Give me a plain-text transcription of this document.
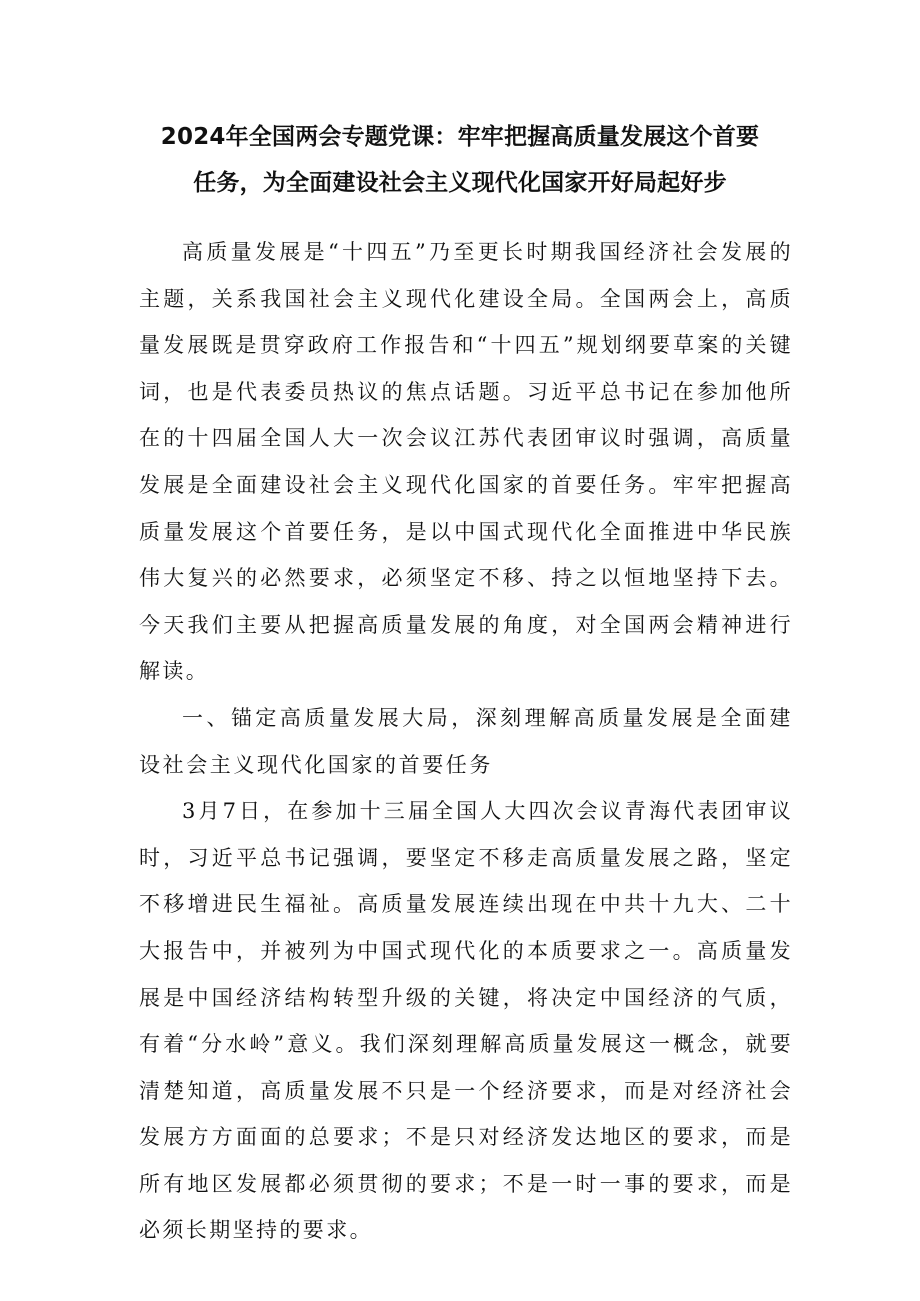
2024年全国两会专题党课：牢牢把握高质量发展这个首要
任务，为全面建设社会主义现代化国家开好局起好步

高质量发展是“十四五”乃至更长时期我国经济社会发展的主题，关系我国社会主义现代化建设全局。全国两会上，高质量发展既是贯穿政府工作报告和“十四五”规划纲要草案的关键词，也是代表委员热议的焦点话题。习近平总书记在参加他所在的十四届全国人大一次会议江苏代表团审议时强调，高质量发展是全面建设社会主义现代化国家的首要任务。牢牢把握高质量发展这个首要任务，是以中国式现代化全面推进中华民族伟大复兴的必然要求，必须坚定不移、持之以恒地坚持下去。今天我们主要从把握高质量发展的角度，对全国两会精神进行解读。

一、锚定高质量发展大局，深刻理解高质量发展是全面建设社会主义现代化国家的首要任务

3月7日，在参加十三届全国人大四次会议青海代表团审议时，习近平总书记强调，要坚定不移走高质量发展之路，坚定不移增进民生福祉。高质量发展连续出现在中共十九大、二十大报告中，并被列为中国式现代化的本质要求之一。高质量发展是中国经济结构转型升级的关键，将决定中国经济的气质，有着“分水岭”意义。我们深刻理解高质量发展这一概念，就要清楚知道，高质量发展不只是一个经济要求，而是对经济社会发展方方面面的总要求；不是只对经济发达地区的要求，而是所有地区发展都必须贯彻的要求；不是一时一事的要求，而是必须长期坚持的要求。
